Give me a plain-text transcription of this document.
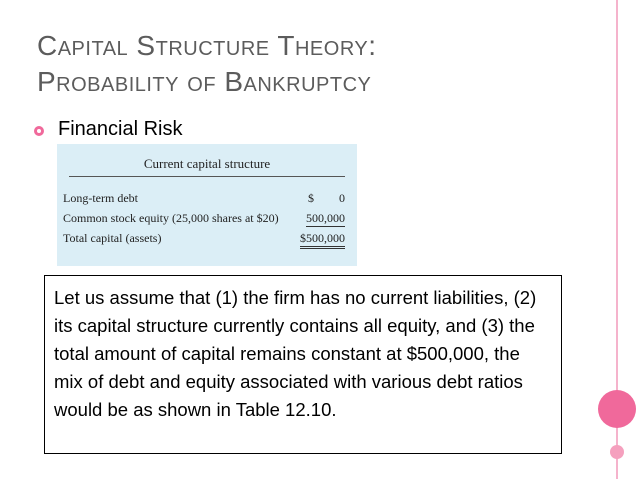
Capital Structure Theory:
Probability of Bankruptcy
Financial Risk
Current capital structure
Long-term debt	$ 0
Common stock equity (25,000 shares at $20) 500,000
Total capital (assets)	$500,000
Let us assume that (1) the firm has no current liabilities, (2) its capital structure currently contains all equity, and (3) the total amount of capital remains constant at $500,000, the mix of debt and equity associated with various debt ratios would be as shown in Table 12.10.
